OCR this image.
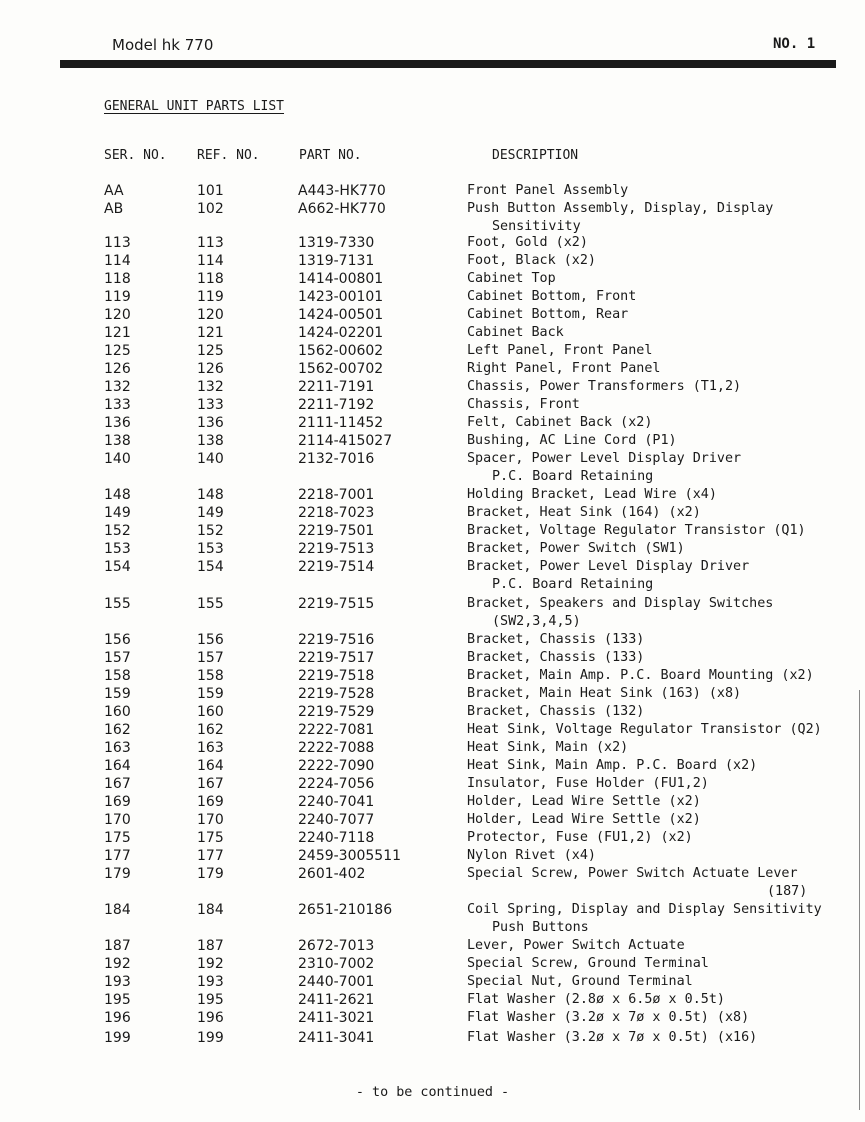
Model hk 770	NO. 1
GENERAL UNIT PARTS LIST
SER. NO. REF. NO.	PART NO.	DESCRIPTION
AA	101	A443-HK770	Front Panel Assembly
AB	102	A662-HK770	Push Button Assembly, Display, Display
Sensitivity
113	113	1319-7330	Foot, Gold (x2)
114	114	1319-7131	Foot, Black (x2)
118	118	1414-00801	Cabinet Top
119	119	1423-00101	Cabinet Bottom, Front
120	120	1424-00501	Cabinet Bottom, Rear
121	121	1424-02201	Cabinet Back
125	125	1562-00602	Left Panel, Front Panel
126	126	1562-00702	Right Panel, Front Panel
132	132	2211-7191	Chassis, Power Transformers (T1,2)
133	133	2211-7192	Chassis, Front
136	136	2111-11452	Felt, Cabinet Back (x2)
138	138	2114-415027	Bushing, AC Line Cord (P1)
140	140	2132-7016	Spacer, Power Level Display Driver
P.C. Board Retaining
148	148	2218-7001	Holding Bracket, Lead Wire (x4)
149	149	2218-7023	Bracket, Heat Sink (164) (x2)
152	152	2219-7501	Bracket, Voltage Regulator Transistor (Q1)
153	153	2219-7513	Bracket, Power Switch (SW1)
154	154	2219-7514	Bracket, Power Level Display Driver
P.C. Board Retaining
155	155	2219-7515	Bracket, Speakers and Display Switches
(SW2,3,4,5)
156	156	2219-7516	Bracket, Chassis (133)
157	157	2219-7517	Bracket, Chassis (133)
158	158	2219-7518	Bracket, Main Amp. P.C. Board Mounting (x2)
159	159	2219-7528	Bracket, Main Heat Sink (163) (x8)
160	160	2219-7529	Bracket, Chassis (132)
162	162	2222-7081	Heat Sink, Voltage Regulator Transistor (Q2)
163	163	2222-7088	Heat Sink, Main (x2)
164	164	2222-7090	Heat Sink, Main Amp. P.C. Board (x2)
167	167	2224-7056	Insulator, Fuse Holder (FU1,2)
169	169	2240-7041	Holder, Lead Wire Settle (x2)
170	170	2240-7077	Holder, Lead Wire Settle (x2)
175	175	2240-7118	Protector, Fuse (FU1,2) (x2)
177	177	2459-3005511	Nylon Rivet (x4)
179	179	2601-402	Special Screw, Power Switch Actuate Lever
(187)
184	184	2651-210186	Coil Spring, Display and Display Sensitivity
Push Buttons
187	187	2672-7013	Lever, Power Switch Actuate
192	192	2310-7002	Special Screw, Ground Terminal
193	193	2440-7001	Special Nut, Ground Terminal
195	195	2411-2621	Flat Washer (2.8ø x 6.5ø x 0.5t)
196	196	2411-3021	Flat Washer (3.2ø x 7ø x 0.5t) (x8)
199	199	2411-3041	Flat Washer (3.2ø x 7ø x 0.5t) (x16)
- to be continued -
